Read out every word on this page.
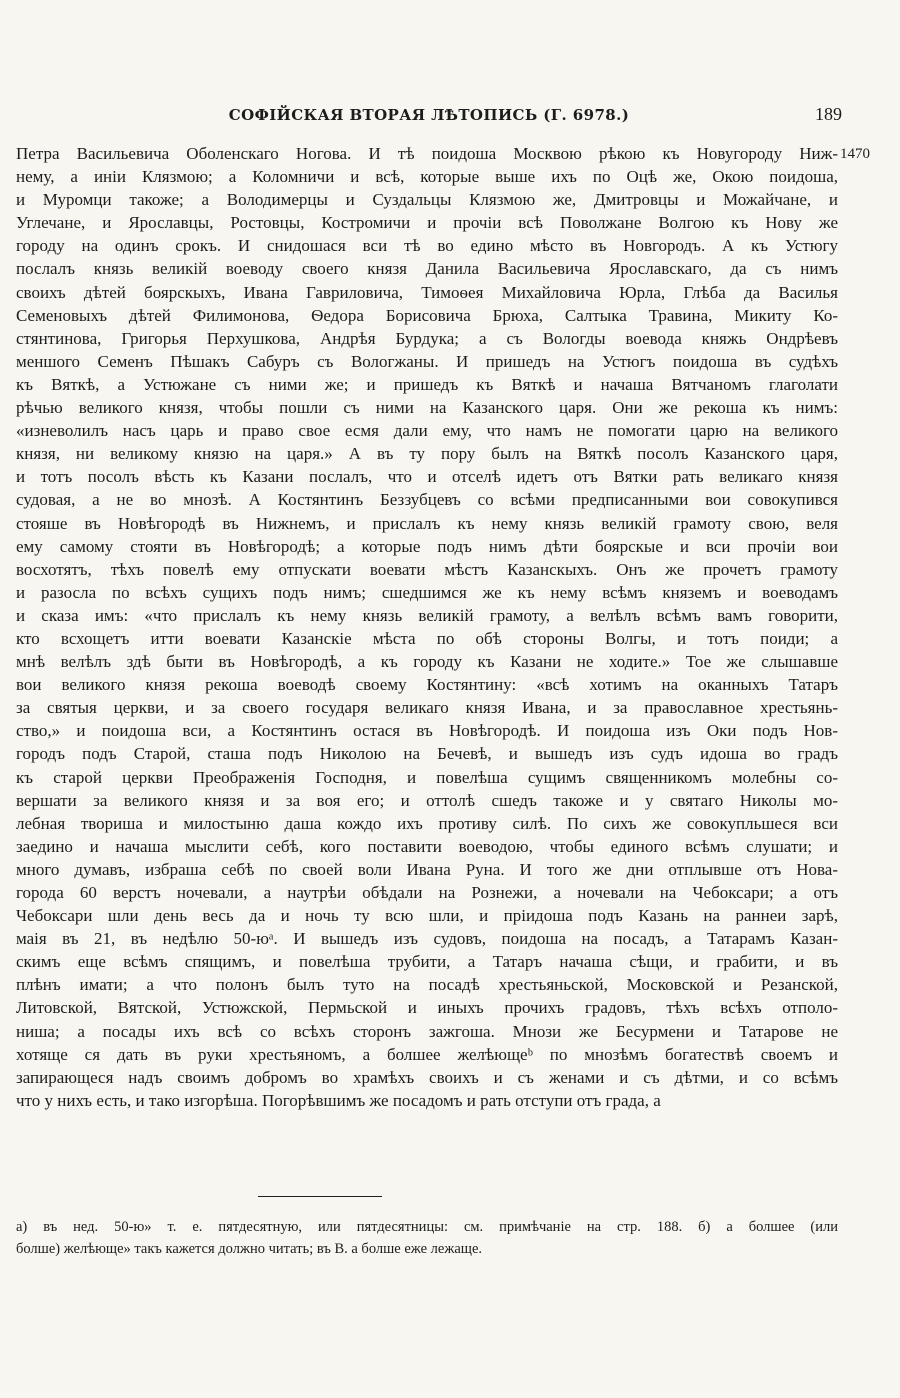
СОФІЙСКАЯ ВТОРАЯ ЛѢТОПИСЬ (Г. 6978.)	189
1470
Петра Васильевича Оболенскаго Ногова. И тѣ поидоша Москвою рѣкою къ Новугороду Ниж-
нему, а иніи Клязмою; а Коломничи и всѣ, которые выше ихъ по Оцѣ же, Окою поидоша,
и Муромци такоже; а Володимерцы и Суздальцы Клязмою же, Дмитровцы и Можайчане, и
Углечане, и Ярославцы, Ростовцы, Костромичи и прочіи всѣ Поволжане Волгою къ Нову же
городу на одинъ срокъ. И снидошася вси тѣ во едино мѣсто въ Новгородъ. А къ Устюгу
послалъ князь великій воеводу своего князя Данила Васильевича Ярославскаго, да съ нимъ
своихъ дѣтей боярскыхъ, Ивана Гавриловича, Тимоѳея Михайловича Юрла, Глѣба да Василья
Семеновыхъ дѣтей Филимонова, Ѳедора Борисовича Брюха, Салтыка Травина, Микиту Ко-
стянтинова, Григорья Перхушкова, Андрѣя Бурдука; а съ Вологды воевода княжь Ондрѣевъ
меншого Семенъ Пѣшакъ Сабуръ съ Вологжаны. И пришедъ на Устюгъ поидоша въ судѣхъ
къ Вяткѣ, а Устюжане съ ними же; и пришедъ къ Вяткѣ и начаша Вятчаномъ глаголати
рѣчью великого князя, чтобы пошли съ ними на Казанского царя. Они же рекоша къ нимъ:
«изневолилъ насъ царь и право свое есмя дали ему, что намъ не помогати царю на великого
князя, ни великому князю на царя.» А въ ту пору былъ на Вяткѣ посолъ Казанского царя,
и тотъ посолъ вѣсть къ Казани послалъ, что и отселѣ идетъ отъ Вятки рать великаго князя
судовая, а не во мнозѣ. А Костянтинъ Беззубцевъ со всѣми предписанными вои совокупився
стояше въ Новѣгородѣ въ Нижнемъ, и прислалъ къ нему князь великій грамоту свою, веля
ему самому стояти въ Новѣгородѣ; а которые подъ нимъ дѣти боярскые и вси прочіи вои
восхотятъ, тѣхъ повелѣ ему отпускати воевати мѣстъ Казанскыхъ. Онъ же прочетъ грамоту
и разосла по всѣхъ сущихъ подъ нимъ; сшедшимся же къ нему всѣмъ княземъ и воеводамъ
и сказа имъ: «что прислалъ къ нему князь великій грамоту, а велѣлъ всѣмъ вамъ говорити,
кто всхощетъ итти воевати Казанскіе мѣста по обѣ стороны Волгы, и тотъ поиди; а
мнѣ велѣлъ здѣ быти въ Новѣгородѣ, а къ городу къ Казани не ходите.» Тое же слышавше
вои великого князя рекоша воеводѣ своему Костянтину: «всѣ хотимъ на оканныхъ Татаръ
за святыя церкви, и за своего государя великаго князя Ивана, и за православное хрестьянь-
ство,» и поидоша вси, а Костянтинъ остася въ Новѣгородѣ. И поидоша изъ Оки подъ Нов-
городъ подъ Старой, сташа подъ Николою на Бечевѣ, и вышедъ изъ судъ идоша во градъ
къ старой церкви Преображенія Господня, и повелѣша сущимъ священникомъ молебны со-
вершати за великого князя и за воя его; и оттолѣ сшедъ такоже и у святаго Николы мо-
лебная твориша и милостыню даша кождо ихъ противу силѣ. По сихъ же совокупльшеся вси
заедино и начаша мыслити себѣ, кого поставити воеводою, чтобы единого всѣмъ слушати; и
много думавъ, избраша себѣ по своей воли Ивана Руна. И того же дни отплывше отъ Нова-
города 60 верстъ ночевали, а наутрѣи обѣдали на Рознежи, а ночевали на Чебоксари; а отъ
Чебоксари шли день весь да и ночь ту всю шли, и пріидоша подъ Казань на раннеи зарѣ,
маія въ 21, въ недѣлю 50-юᵃ. И вышедъ изъ судовъ, поидоша на посадъ, а Татарамъ Казан-
скимъ еще всѣмъ спящимъ, и повелѣша трубити, а Татаръ начаша сѣщи, и грабити, и въ
плѣнъ имати; а что полонъ былъ туто на посадѣ хрестьяньской, Московской и Резанской,
Литовской, Вятской, Устюжской, Пермьской и иныхъ прочихъ градовъ, тѣхъ всѣхъ отполо-
ниша; а посады ихъ всѣ со всѣхъ сторонъ зажгоша. Мнози же Бесурмени и Татарове не
хотяще ся дать въ руки хрестьяномъ, а болшее желѣющеᵇ по мнозѣмъ богатествѣ своемъ и
запирающеся надъ своимъ добромъ во храмѣхъ своихъ и съ женами и съ дѣтми, и со всѣмъ
что у нихъ есть, и тако изгорѣша. Погорѣвшимъ же посадомъ и рать отступи отъ града, а
а) въ нед. 50-ю» т. е. пятдесятную, или пятдесятницы: см. примѣчаніе на стр. 188. б) а болшее (или
болше) желѣюще» такъ кажется должно читать; въ В. а болше еже лежаще.
